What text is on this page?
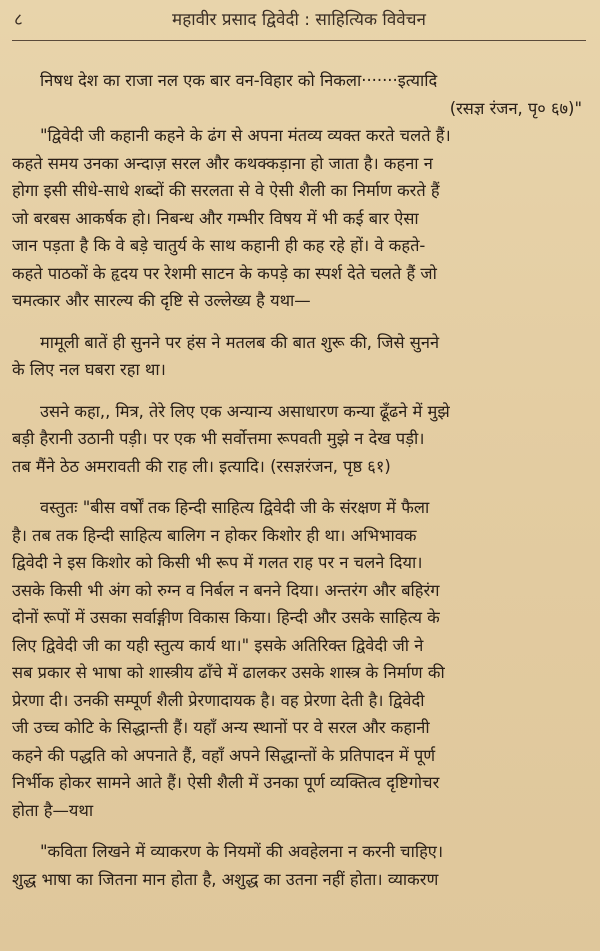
८	महावीर प्रसाद द्विवेदी : साहित्यिक विवेचन
निषध देश का राजा नल एक बार वन-विहार को निकला·······इत्यादि
(रसज्ञ रंजन, पृ० ६७)"
"द्विवेदी जी कहानी कहने के ढंग से अपना मंतव्य व्यक्त करते चलते हैं।
कहते समय उनका अन्दाज़ सरल और कथक्कड़ाना हो जाता है। कहना न
होगा इसी सीधे-साधे शब्दों की सरलता से वे ऐसी शैली का निर्माण करते हैं
जो बरबस आकर्षक हो। निबन्ध और गम्भीर विषय में भी कई बार ऐसा
जान पड़ता है कि वे बड़े चातुर्य के साथ कहानी ही कह रहे हों। वे कहते-
कहते पाठकों के हृदय पर रेशमी साटन के कपड़े का स्पर्श देते चलते हैं जो
चमत्कार और सारल्य की दृष्टि से उल्लेख्य है यथा—
मामूली बातें ही सुनने पर हंस ने मतलब की बात शुरू की, जिसे सुनने
के लिए नल घबरा रहा था।
उसने कहा,, मित्र, तेरे लिए एक अन्यान्य असाधारण कन्या ढूँढने में मुझे
बड़ी हैरानी उठानी पड़ी। पर एक भी सर्वोत्तमा रूपवती मुझे न देख पड़ी।
तब मैंने ठेठ अमरावती की राह ली। इत्यादि। (रसज्ञरंजन, पृष्ठ ६१)
वस्तुतः "बीस वर्षों तक हिन्दी साहित्य द्विवेदी जी के संरक्षण में फैला
है। तब तक हिन्दी साहित्य बालिग न होकर किशोर ही था। अभिभावक
द्विवेदी ने इस किशोर को किसी भी रूप में गलत राह पर न चलने दिया।
उसके किसी भी अंग को रुग्न व निर्बल न बनने दिया। अन्तरंग और बहिरंग
दोनों रूपों में उसका सर्वाङ्गीण विकास किया। हिन्दी और उसके साहित्य के
लिए द्विवेदी जी का यही स्तुत्य कार्य था।" इसके अतिरिक्त द्विवेदी जी ने
सब प्रकार से भाषा को शास्त्रीय ढाँचे में ढालकर उसके शास्त्र के निर्माण की
प्रेरणा दी। उनकी सम्पूर्ण शैली प्रेरणादायक है। वह प्रेरणा देती है। द्विवेदी
जी उच्च कोटि के सिद्धान्ती हैं। यहाँ अन्य स्थानों पर वे सरल और कहानी
कहने की पद्धति को अपनाते हैं, वहाँ अपने सिद्धान्तों के प्रतिपादन में पूर्ण
निर्भीक होकर सामने आते हैं। ऐसी शैली में उनका पूर्ण व्यक्तित्व दृष्टिगोचर
होता है—यथा
"कविता लिखने में व्याकरण के नियमों की अवहेलना न करनी चाहिए।
शुद्ध भाषा का जितना मान होता है, अशुद्ध का उतना नहीं होता। व्याकरण
